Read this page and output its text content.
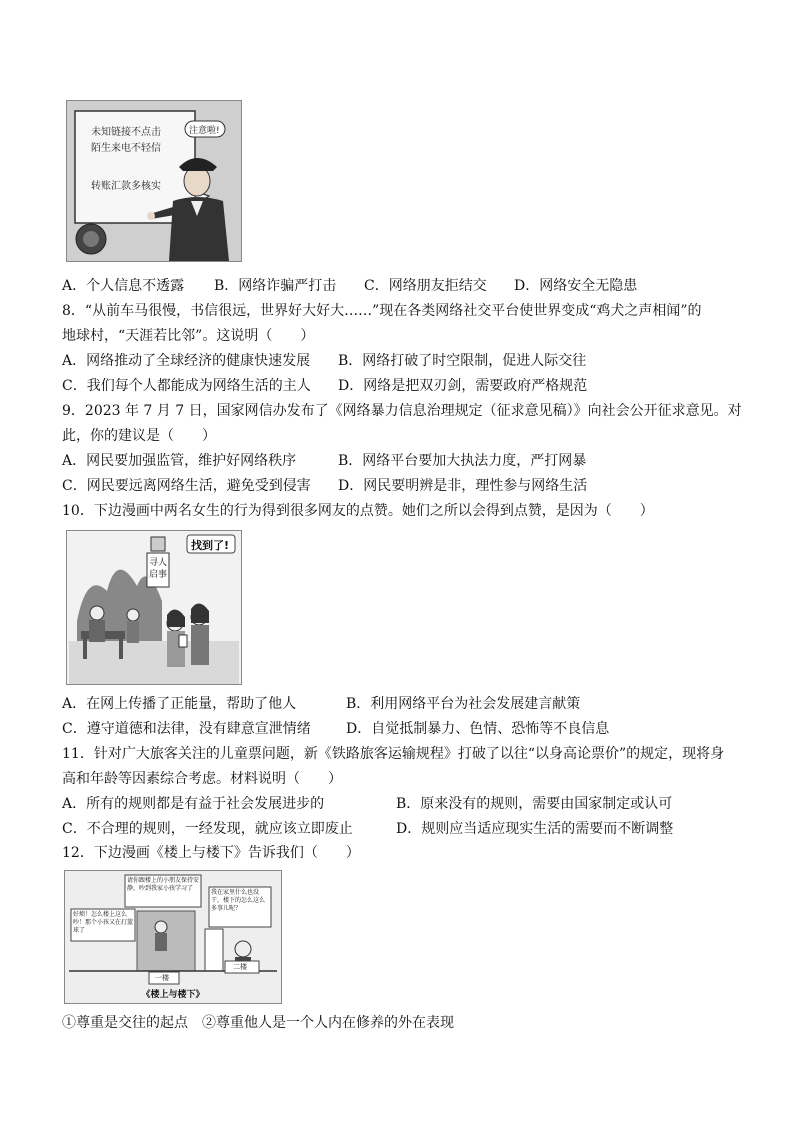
未知链接不点击
陌生来电不轻信
转账汇款多核实
注意啦!
A．个人信息不透露 B．网络诈骗严打击 C．网络朋友拒结交 D．网络安全无隐患
8．“从前车马很慢，书信很远，世界好大好大……”现在各类网络社交平台使世界变成“鸡犬之声相闻”的
地球村，“天涯若比邻”。这说明（　　）
A．网络推动了全球经济的健康快速发展 B．网络打破了时空限制，促进人际交往
C．我们每个人都能成为网络生活的主人 D．网络是把双刃剑，需要政府严格规范
9．2023 年 7 月 7 日，国家网信办发布了《网络暴力信息治理规定（征求意见稿）》向社会公开征求意见。对
此，你的建议是（　　）
A．网民要加强监管，维护好网络秩序	B．网络平台要加大执法力度，严打网暴
C．网民要远离网络生活，避免受到侵害 D．网民要明辨是非，理性参与网络生活
10．下边漫画中两名女生的行为得到很多网友的点赞。她们之所以会得到点赞，是因为（　　）
找到了!
寻人启事
A．在网上传播了正能量，帮助了他人	B．利用网络平台为社会发展建言献策
C．遵守道德和法律，没有肆意宣泄情绪	D．自觉抵制暴力、色情、恐怖等不良信息
11．针对广大旅客关注的儿童票问题，新《铁路旅客运输规程》打破了以往“以身高论票价”的规定，现将身
高和年龄等因素综合考虑。材料说明（　　）
A．所有的规则都是有益于社会发展进步的	B．原来没有的规则，需要由国家制定或认可
C．不合理的规则，一经发现，就应该立即废止	D．规则应当适应现实生活的需要而不断调整
12．下边漫画《楼上与楼下》告诉我们（　　）
请你跟楼上的小朋友保持安静，吵到我家小孩学习了
好烦！怎么楼上这么吵！那个小孩又在打篮球了
我在家里什么也没干，楼下的怎么这么多事儿呢？
一楼
二楼
《楼上与楼下》
①尊重是交往的起点　②尊重他人是一个人内在修养的外在表现
